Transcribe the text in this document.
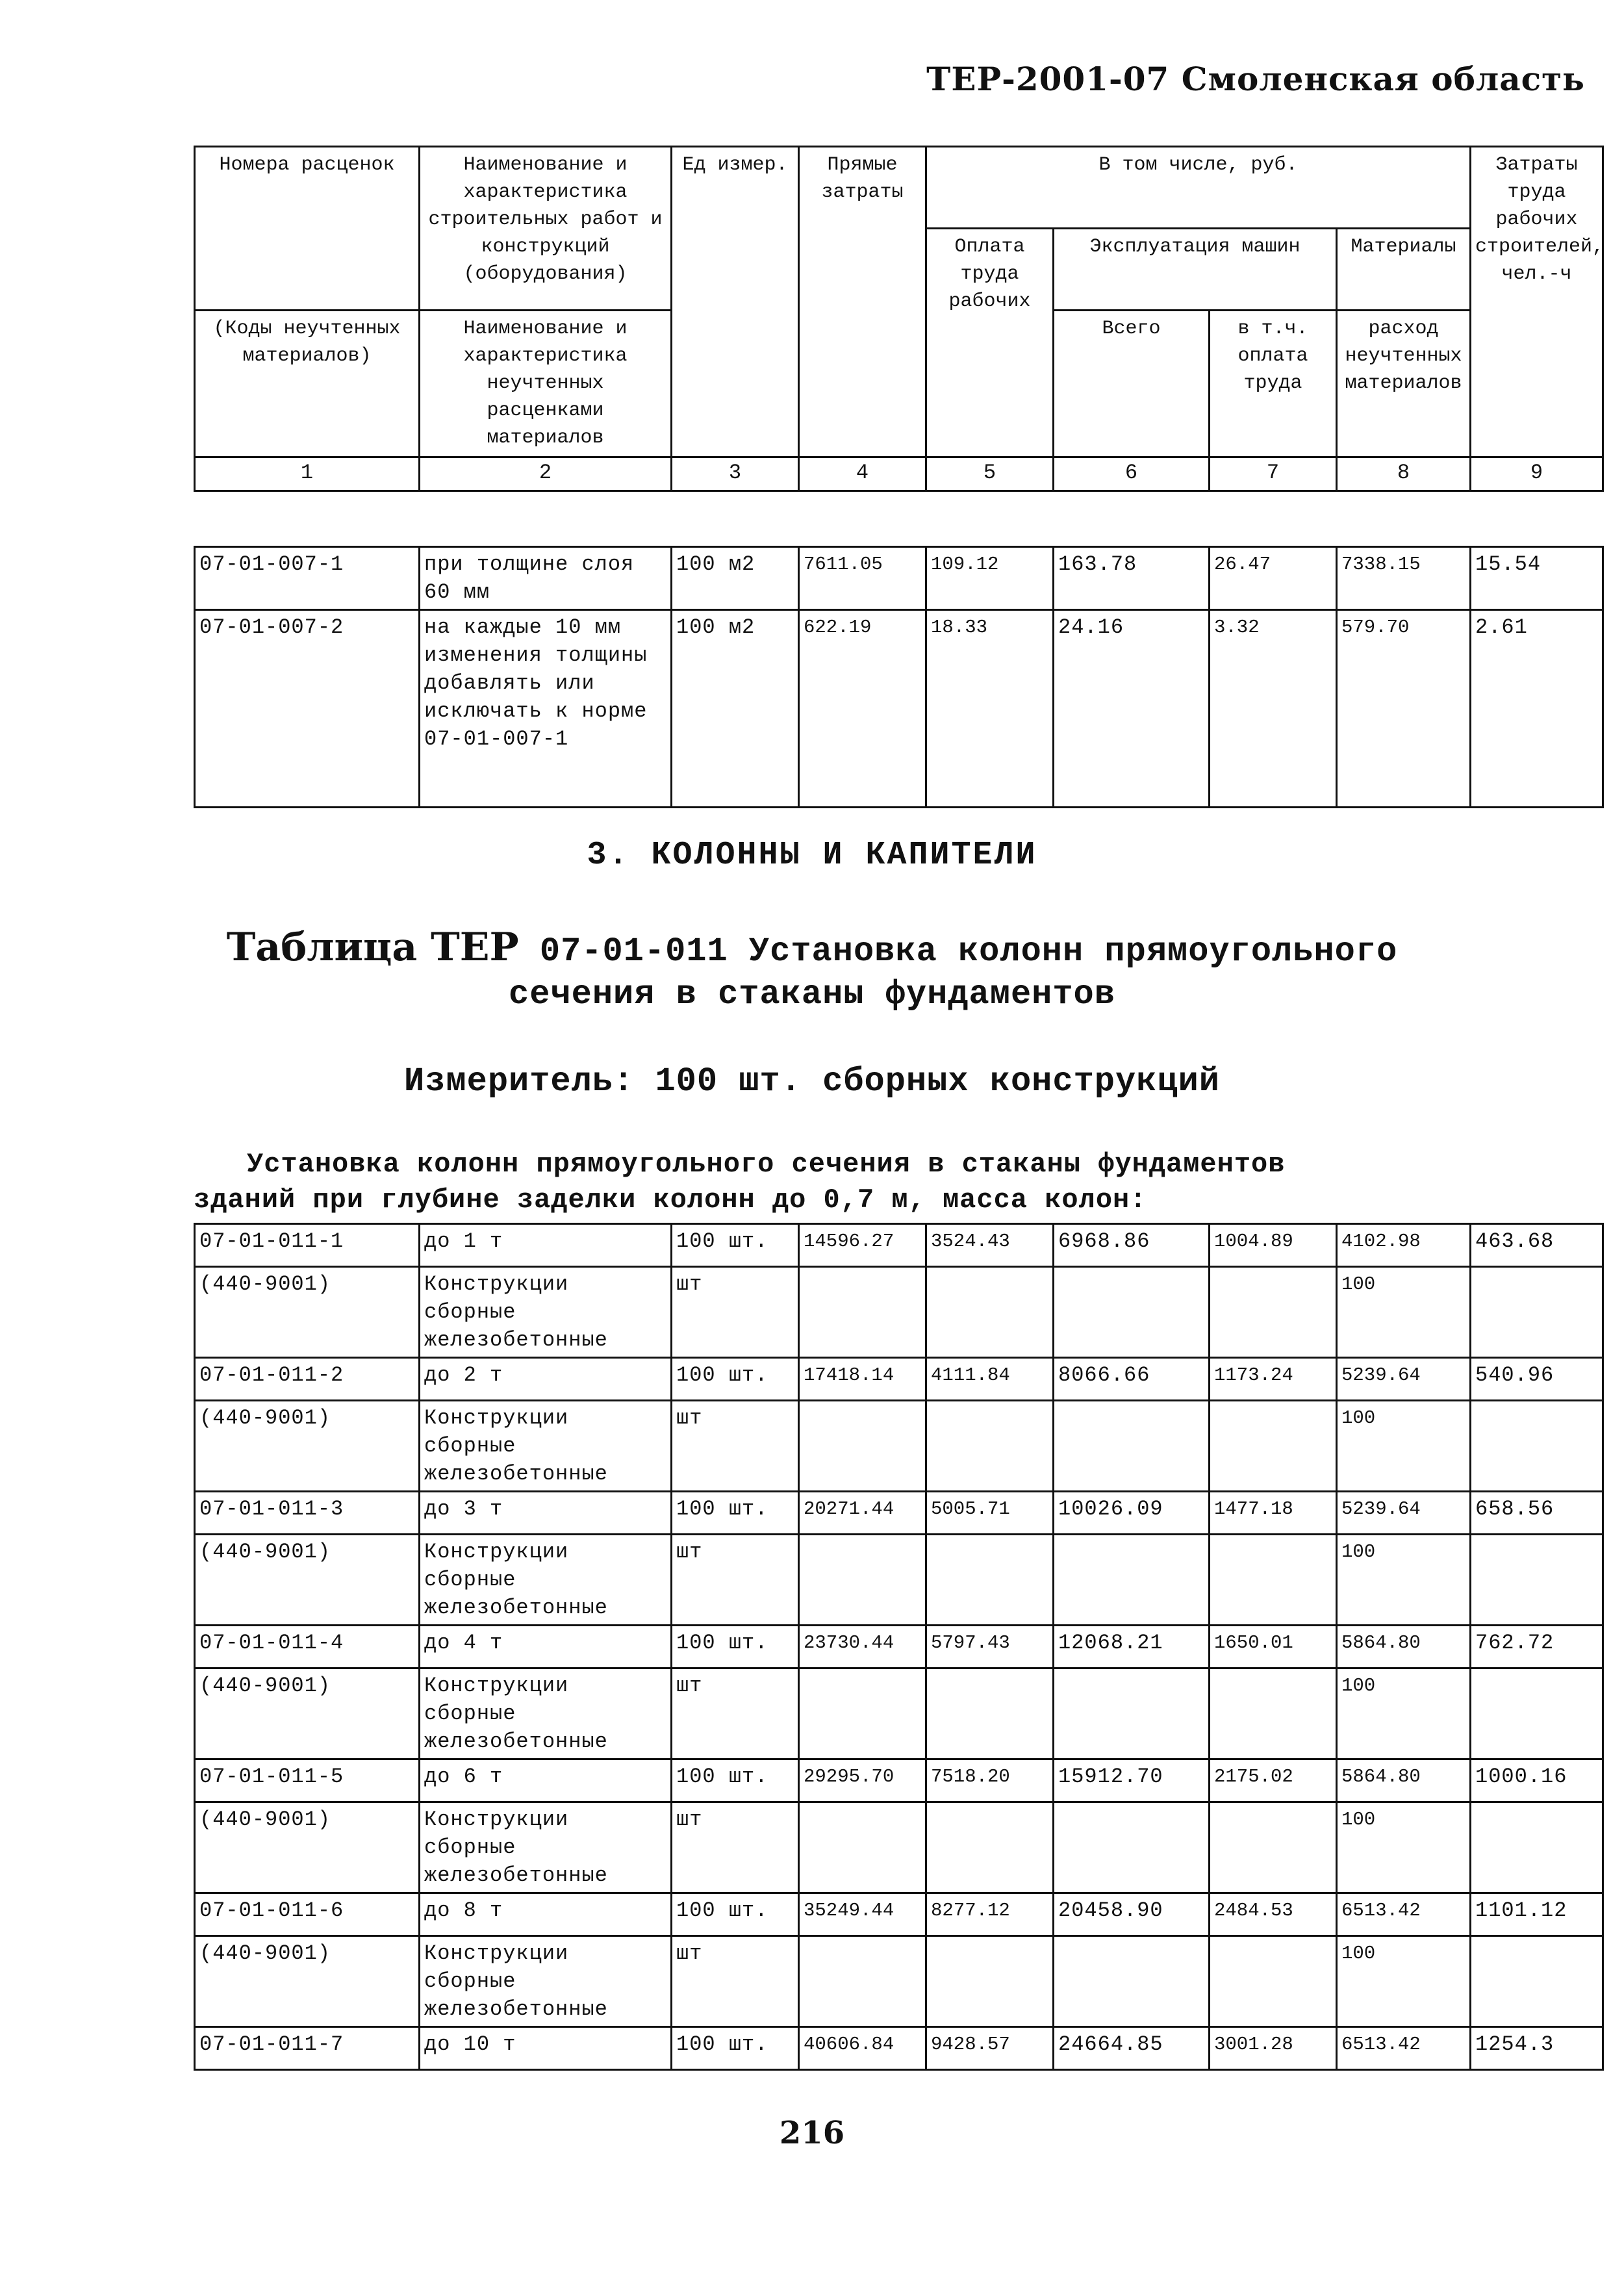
ТЕР-2001-07 Смоленская область
Номера расценок	Наименование и характеристика строительных работ и конструкций (оборудования)	Ед измер.	Прямые затраты	В том числе, руб.				Затраты труда рабочих строителей, чел.-ч
				Оплата труда рабочих	Эксплуатация машин		Материалы	
(Коды неучтенных материалов)	Наименование и характеристика неучтенных расценками материалов				Всего	в т.ч. оплата труда	расход неучтенных материалов	
1	2	3	4	5	6	7	8	9
07-01-007-1	при толщине слоя 60 мм	100 м2	7611.05	109.12	163.78	26.47	7338.15	15.54
07-01-007-2	на каждые 10 мм изменения толщины добавлять или исключать к норме 07-01-007-1	100 м2	622.19	18.33	24.16	3.32	579.70	2.61
3. КОЛОННЫ И КАПИТЕЛИ
Таблица ТЕР 07-01-011 Установка колонн прямоугольного
сечения в стаканы фундаментов
Измеритель: 100 шт. сборных конструкций
Установка колонн прямоугольного сечения в стаканы фундаментов
зданий при глубине заделки колонн до 0,7 м, масса колон:
07-01-011-1	до 1 т	100 шт.	14596.27	3524.43	6968.86	1004.89	4102.98	463.68
(440-9001)	Конструкции сборные железобетонные	шт					100	
07-01-011-2	до 2 т	100 шт.	17418.14	4111.84	8066.66	1173.24	5239.64	540.96
(440-9001)	Конструкции сборные железобетонные	шт					100	
07-01-011-3	до 3 т	100 шт.	20271.44	5005.71	10026.09	1477.18	5239.64	658.56
(440-9001)	Конструкции сборные железобетонные	шт					100	
07-01-011-4	до 4 т	100 шт.	23730.44	5797.43	12068.21	1650.01	5864.80	762.72
(440-9001)	Конструкции сборные железобетонные	шт					100	
07-01-011-5	до 6 т	100 шт.	29295.70	7518.20	15912.70	2175.02	5864.80	1000.16
(440-9001)	Конструкции сборные железобетонные	шт					100	
07-01-011-6	до 8 т	100 шт.	35249.44	8277.12	20458.90	2484.53	6513.42	1101.12
(440-9001)	Конструкции сборные железобетонные	шт					100	
07-01-011-7	до 10 т	100 шт.	40606.84	9428.57	24664.85	3001.28	6513.42	1254.3
216
